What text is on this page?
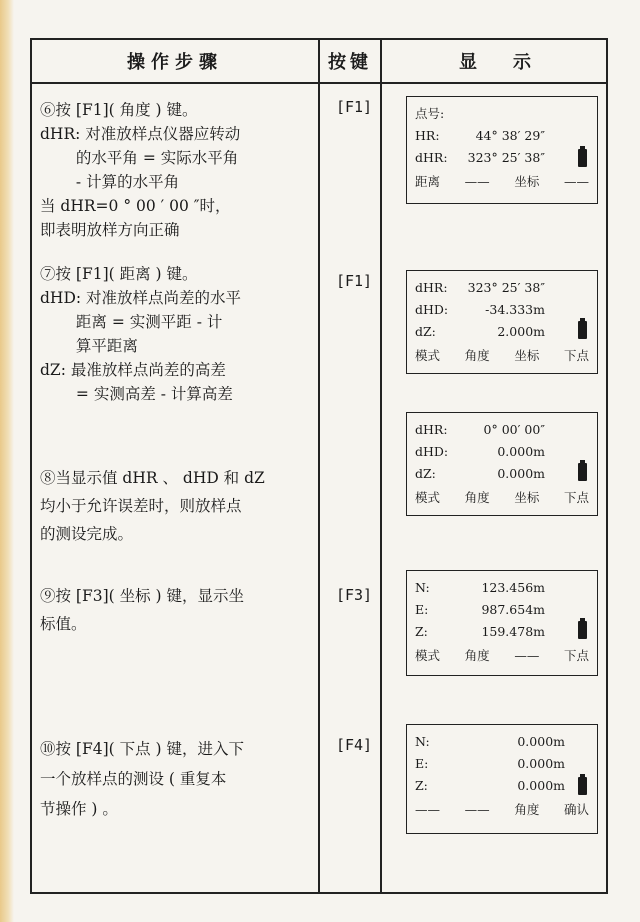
操作步骤	按键	显　　示
⑥按 [F1]( 角度 ) 键。
dHR: 对准放样点仪器应转动
　　 的水平角 = 实际水平角
　　 - 计算的水平角
当 dHR=0 ° 00 ′ 00 ″时，
即表明放样方向正确
[F1]	点号:
HR:	44° 38′ 29″
dHR:	323° 25′ 38″
距离 —— 坐标 ——
⑦按 [F1]( 距离 ) 键。
dHD: 对准放样点尚差的水平
　　 距离 = 实测平距 - 计
　　 算平距离
dZ: 最准放样点尚差的高差
　　 = 实测高差 - 计算高差
[F1]	dHR:	323° 25′ 38″
dHD:	-34.333m
dZ:	2.000m
模式 角度 坐标 下点
dHR:	0° 00′ 00″
dHD:	0.000m
dZ:	0.000m
模式 角度 坐标 下点
⑧当显示值 dHR 、 dHD 和 dZ
均小于允许误差时，则放样点
的测设完成。
⑨按 [F3]( 坐标 ) 键，显示坐
标值。
[F3]	N:	123.456m
E:	987.654m
Z:	159.478m
模式 角度 —— 下点
⑩按 [F4]( 下点 ) 键，进入下
一个放样点的测设 ( 重复本
节操作 ) 。
[F4]	N:	0.000m
E:	0.000m
Z:	0.000m
—— —— 角度 确认
